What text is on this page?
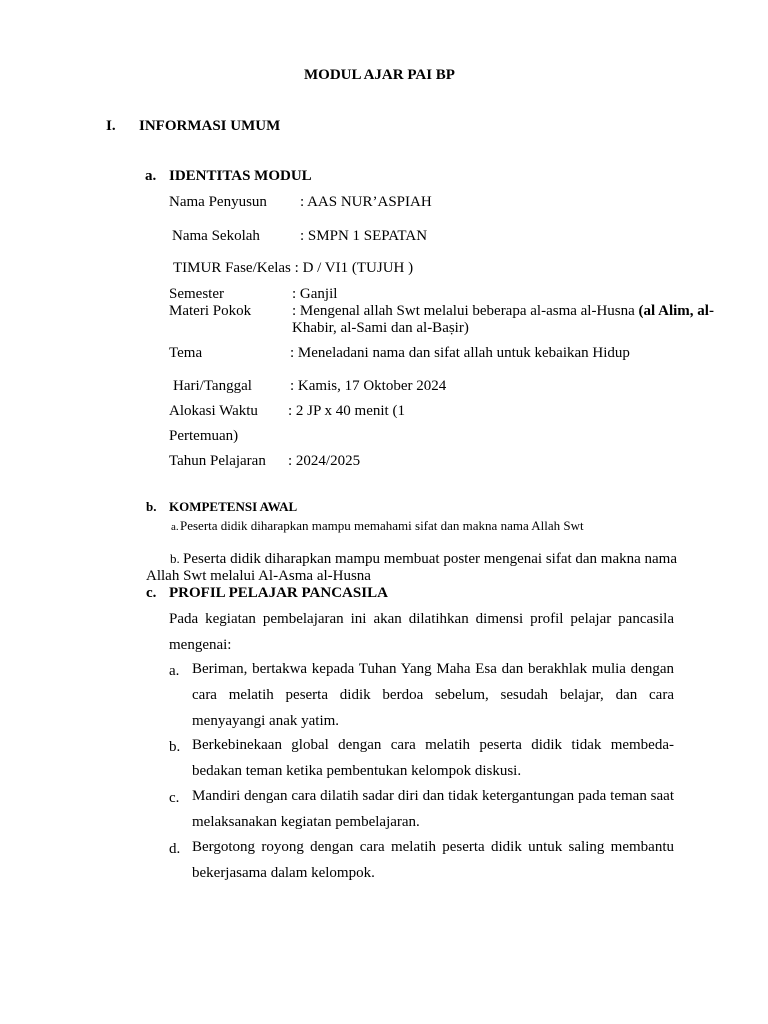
MODUL AJAR PAI BP
I. INFORMASI UMUM
a. IDENTITAS MODUL
Nama Penyusun : AAS NUR’ASPIAH
Nama Sekolah	: SMPN 1 SEPATAN
TIMUR Fase/Kelas : D / VI1 (TUJUH )
Semester	: Ganjil
Materi Pokok	: Mengenal allah Swt melalui beberapa al-asma al-Husna (al Alim, al-
Khabir, al-Sami dan al-Baṣir)
Tema	: Meneladani nama dan sifat allah untuk kebaikan Hidup
Hari/Tanggal	: Kamis, 17 Oktober 2024
Alokasi Waktu : 2 JP x 40 menit (1
Pertemuan)
Tahun Pelajaran : 2024/2025
b. KOMPETENSI AWAL
a. Peserta didik diharapkan mampu memahami sifat dan makna nama Allah Swt
b. Peserta didik diharapkan mampu membuat poster mengenai sifat dan makna nama
Allah Swt melalui Al-Asma al-Husna
c. PROFIL PELAJAR PANCASILA
Pada kegiatan pembelajaran ini akan dilatihkan dimensi profil pelajar pancasila mengenai:
a. Beriman, bertakwa kepada Tuhan Yang Maha Esa dan berakhlak mulia dengan cara melatih peserta didik berdoa sebelum, sesudah belajar, dan cara menyayangi anak yatim.
b. Berkebinekaan global dengan cara melatih peserta didik tidak membeda-bedakan teman ketika pembentukan kelompok diskusi.
c. Mandiri dengan cara dilatih sadar diri dan tidak ketergantungan pada teman saat melaksanakan kegiatan pembelajaran.
d. Bergotong royong dengan cara melatih peserta didik untuk saling membantu bekerjasama dalam kelompok.
